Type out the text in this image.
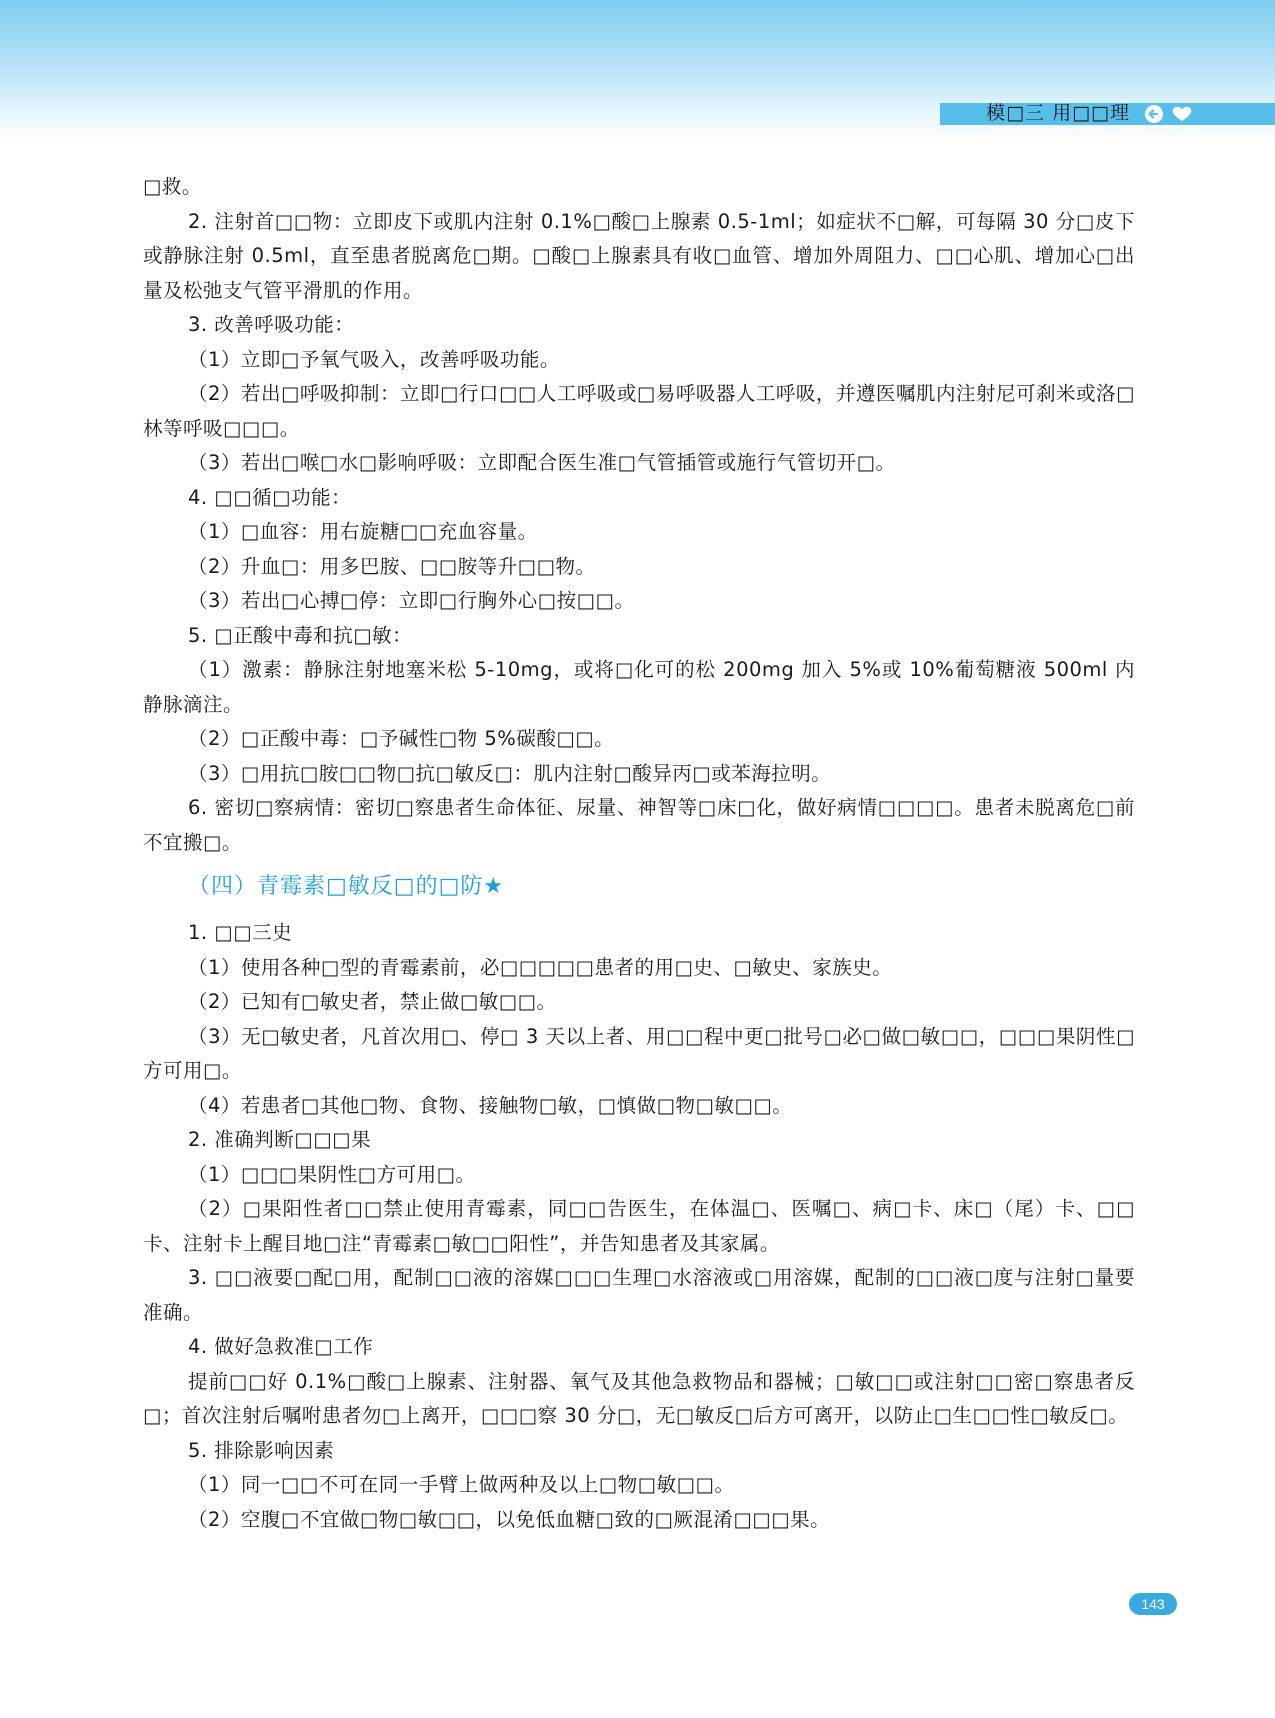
模□三 用□□理

□救。

2. 注射首□□物：立即皮下或肌内注射 0.1%□酸□上腺素 0.5-1ml；如症状不□解，可每隔 30 分□皮下或静脉注射 0.5ml，直至患者脱离危□期。□酸□上腺素具有收□血管、增加外周阻力、□□心肌、增加心□出量及松弛支气管平滑肌的作用。

3. 改善呼吸功能：

（1）立即□予氧气吸入，改善呼吸功能。

（2）若出□呼吸抑制：立即□行口□□人工呼吸或□易呼吸器人工呼吸，并遵医嘱肌内注射尼可刹米或洛□林等呼吸□□□。

（3）若出□喉□水□影响呼吸：立即配合医生准□气管插管或施行气管切开□。

4. □□循□功能：

（1）□血容：用右旋糖□□充血容量。

（2）升血□：用多巴胺、□□胺等升□□物。

（3）若出□心搏□停：立即□行胸外心□按□□。

5. □正酸中毒和抗□敏：

（1）激素：静脉注射地塞米松 5-10mg，或将□化可的松 200mg 加入 5%或 10%葡萄糖液 500ml 内静脉滴注。

（2）□正酸中毒：□予碱性□物 5%碳酸□□。

（3）□用抗□胺□□物□抗□敏反□：肌内注射□酸异丙□或苯海拉明。

6. 密切□察病情：密切□察患者生命体征、尿量、神智等□床□化，做好病情□□□□。患者未脱离危□前不宜搬□。

（四）青霉素□敏反□的□防★

1. □□三史

（1）使用各种□型的青霉素前，必□□□□□患者的用□史、□敏史、家族史。

（2）已知有□敏史者，禁止做□敏□□。

（3）无□敏史者，凡首次用□、停□ 3 天以上者、用□□程中更□批号□必□做□敏□□，□□□果阴性□方可用□。

（4）若患者□其他□物、食物、接触物□敏，□慎做□物□敏□□。

2. 准确判断□□□果

（1）□□□果阴性□方可用□。

（2）□果阳性者□□禁止使用青霉素，同□□告医生，在体温□、医嘱□、病□卡、床□（尾）卡、□□卡、注射卡上醒目地□注“青霉素□敏□□阳性”，并告知患者及其家属。

3. □□液要□配□用，配制□□液的溶媒□□□生理□水溶液或□用溶媒，配制的□□液□度与注射□量要准确。

4. 做好急救准□工作

提前□□好 0.1%□酸□上腺素、注射器、氧气及其他急救物品和器械；□敏□□或注射□□密□察患者反□；首次注射后嘱咐患者勿□上离开，□□□察 30 分□，无□敏反□后方可离开，以防止□生□□性□敏反□。

5. 排除影响因素

（1）同一□□不可在同一手臂上做两种及以上□物□敏□□。

（2）空腹□不宜做□物□敏□□，以免低血糖□致的□厥混淆□□□果。

143
